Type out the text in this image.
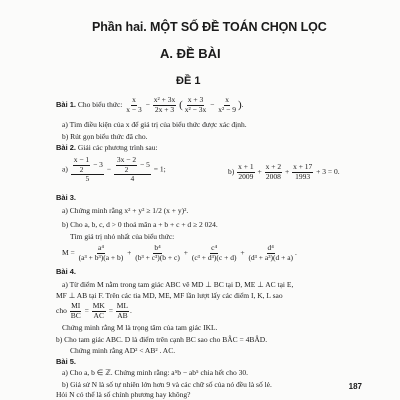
Phần hai. MỘT SỐ ĐỀ TOÁN CHỌN LỌC
A. ĐỀ BÀI
ĐỀ 1
Bài 1. Cho biểu thức: $\frac{x}{x - 3} - \frac{\text{x² + 3x}}{2x + 3}$ ( $\frac{x + 3}{\text{x² − 3x}} - \frac{x}{\text{x² − 9}}$ ).
a) Tìm điều kiện của x để giá trị của biểu thức được xác định.
b) Rút gọn biểu thức đã cho.
Bài 2. Giải các phương trình sau:
$a) \frac{\frac{x - 1}{2} - 3}{5} - \frac{\frac{3x - 2}{2} - 5}{4} = 1$;	$b) \frac{x + 1}{2009} + \frac{x + 2}{2008} + \frac{x + 17}{1993} + 3 = 0$.
Bài 3.
a) Chứng minh rằng x² + y² ≥ 1/2 (x + y)².
b) Cho a, b, c, d > 0 thoả mãn a + b + c + d ≥ 2 024.
Tìm giá trị nhỏ nhất của biểu thức:
$M = \frac{\text{a⁴}}{\text{(a³ + b³)(a + b)}} + \frac{\text{b⁴}}{\text{(b³ + c³)(b + c)}} + \frac{\text{c⁴}}{\text{(c³ + d³)(c + d)}} + \frac{\text{d⁴}}{\text{(d³ + a³)(d + a)}}$ .
Bài 4.
a) Từ điểm M nằm trong tam giác ABC vẽ MD ⊥ BC tại D, ME ⊥ AC tại E,
MF ⊥ AB tại F. Trên các tia MD, ME, MF lần lượt lấy các điểm I, K, L sao
cho $\frac{MI}{BC} = \frac{MK}{AC} = \frac{ML}{AB}$ .
Chứng minh rằng M là trọng tâm của tam giác IKL.
b) Cho tam giác ABC. D là điểm trên cạnh BC sao cho BÂC = 4BÂD.
Chứng minh rằng AD² < AB² . AC.
Bài 5.
a) Cho a, b ∈ ℤ. Chứng minh rằng: a⁵b − ab⁵ chia hết cho 30.
b) Giả sử N là số tự nhiên lớn hơn 9 và các chữ số của nó đều là số lẻ.
Hỏi N có thể là số chính phương hay không?
187
